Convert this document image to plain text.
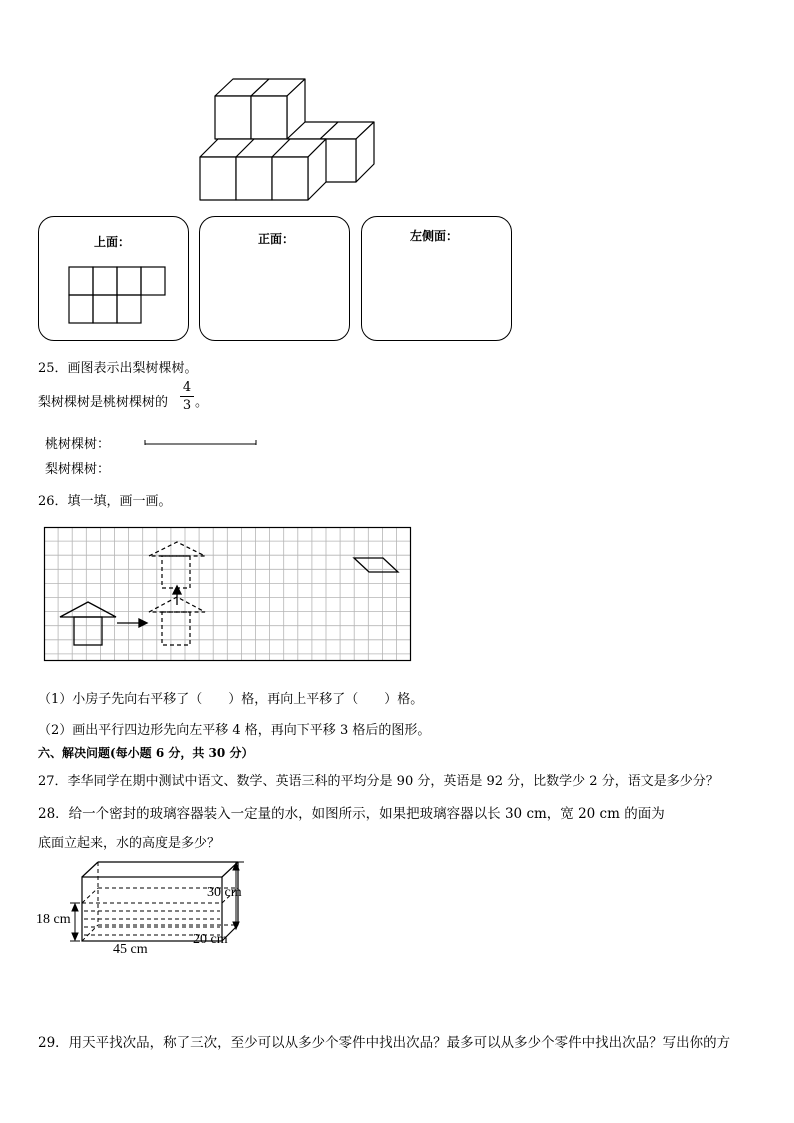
上面：	正面：	左侧面：
25．画图表示出梨树棵树。
梨树棵树是桃树棵树的
4
3 。
桃树棵树：
梨树棵树：
26．填一填，画一画。
（1）小房子先向右平移了（　　）格，再向上平移了（　　）格。
（2）画出平行四边形先向左平移 4 格，再向下平移 3 格后的图形。
六、解决问题(每小题 6 分，共 30 分）
27．李华同学在期中测试中语文、数学、英语三科的平均分是 90 分，英语是 92 分，比数学少 2 分，语文是多少分？
28．给一个密封的玻璃容器装入一定量的水，如图所示，如果把玻璃容器以长 30 cm，宽 20 cm 的面为
底面立起来，水的高度是多少？
30 cm
18 cm
20 cm
45 cm
29．用天平找次品，称了三次，至少可以从多少个零件中找出次品？最多可以从多少个零件中找出次品？写出你的方
